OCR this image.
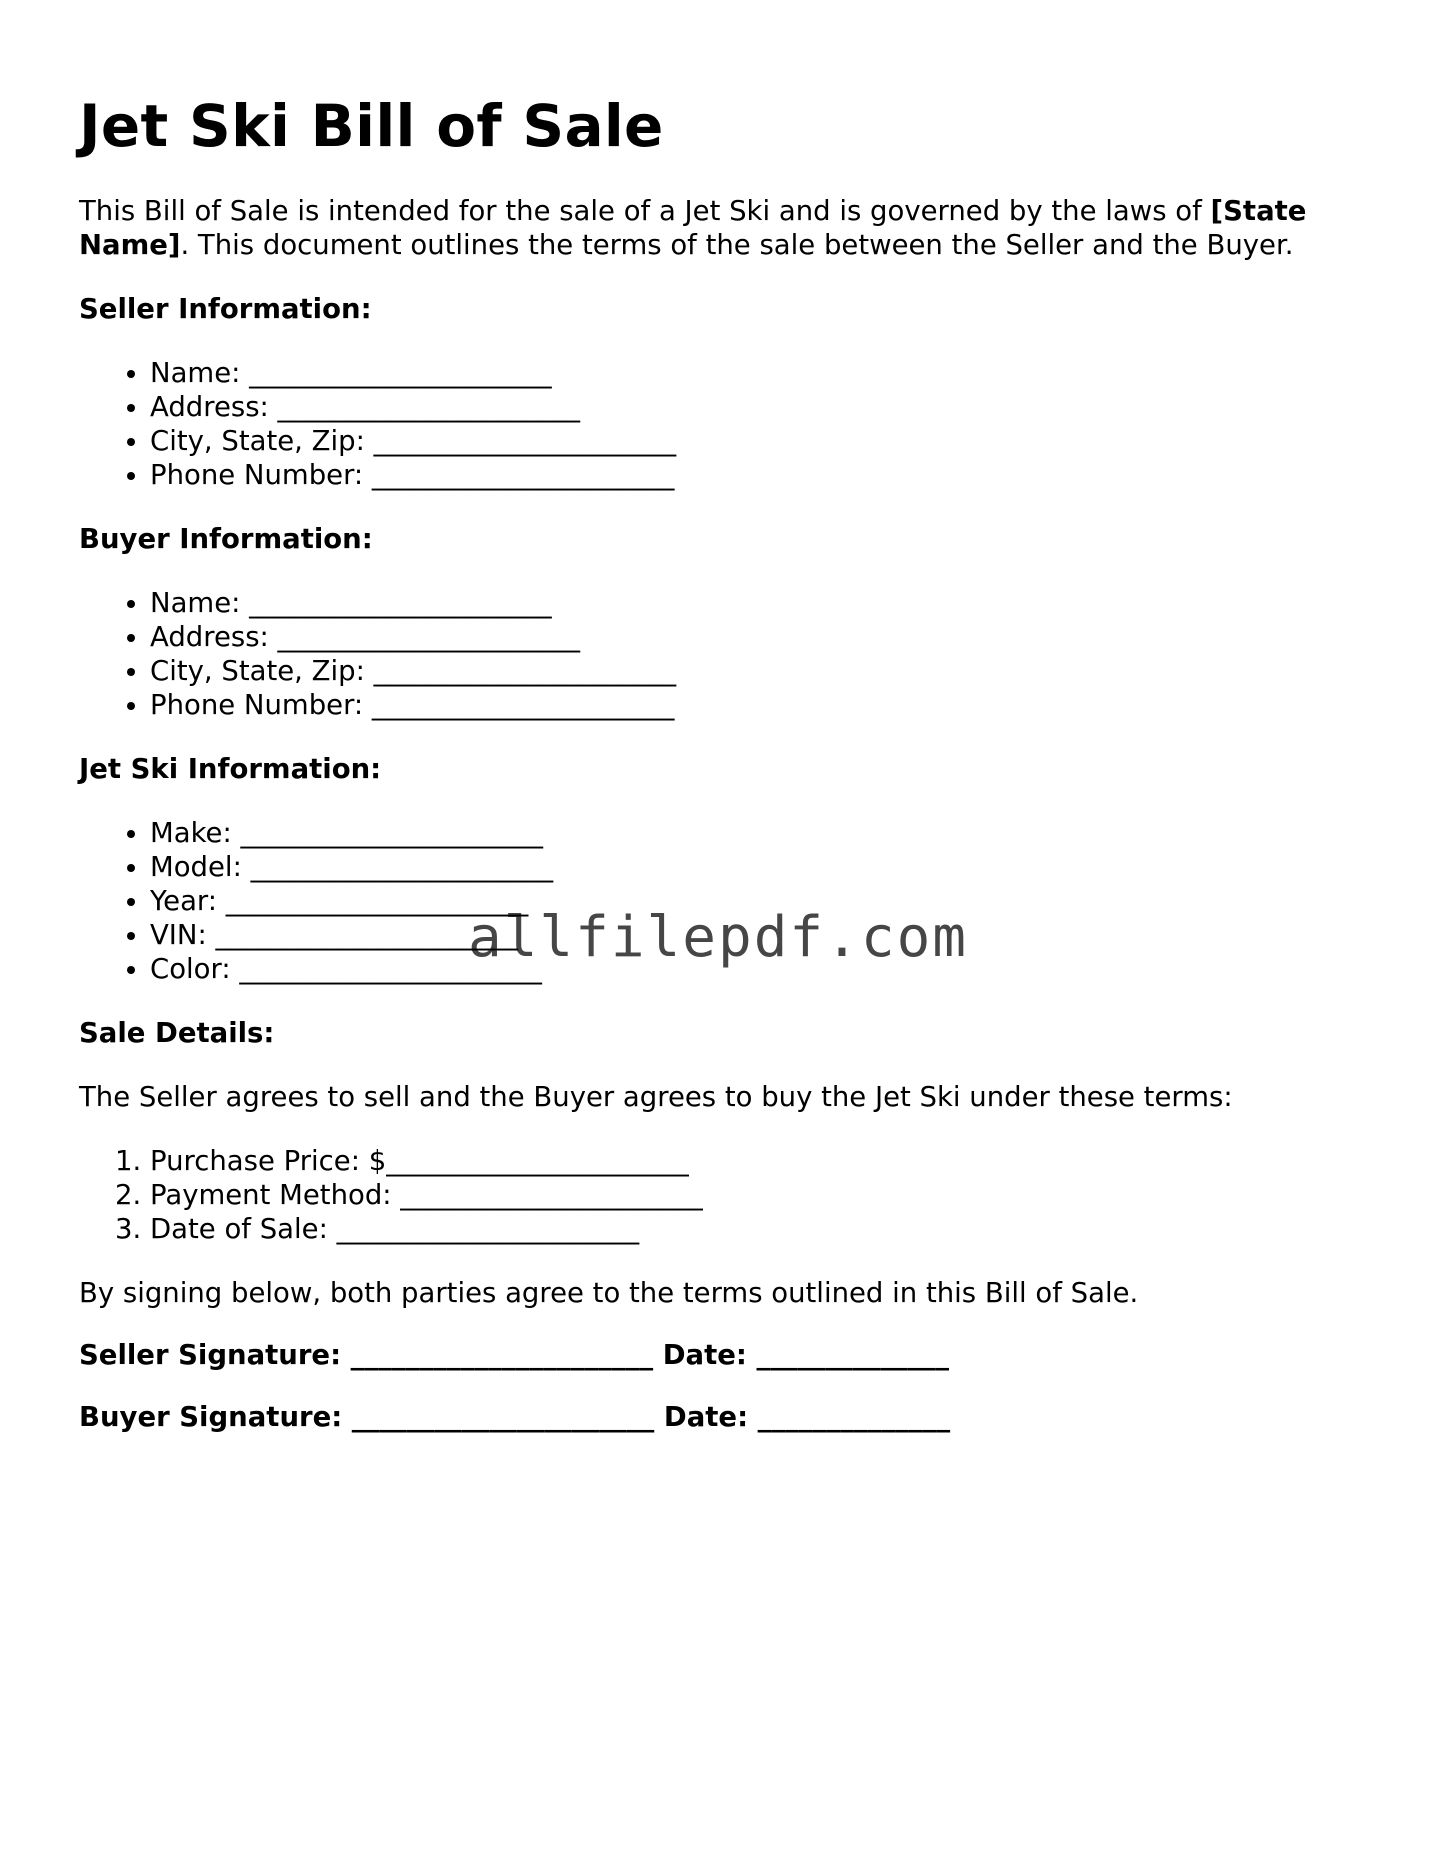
Jet Ski Bill of Sale

This Bill of Sale is intended for the sale of a Jet Ski and is governed by the laws of [State Name]. This document outlines the terms of the sale between the Seller and the Buyer.

Seller Information:
• Name: ______________________
• Address: ______________________
• City, State, Zip: ______________________
• Phone Number: ______________________
Buyer Information:
• Name: ______________________
• Address: ______________________
• City, State, Zip: ______________________
• Phone Number: ______________________
Jet Ski Information:
• Make: ______________________
• Model: ______________________
• Year: ______________________
• VIN: ______________________
• Color: ______________________
Sale Details:

The Seller agrees to sell and the Buyer agrees to buy the Jet Ski under these terms:

1. Purchase Price: $______________________
2. Payment Method: ______________________
3. Date of Sale: ______________________

By signing below, both parties agree to the terms outlined in this Bill of Sale.

Seller Signature: ______________________ Date: ______________

Buyer Signature: ______________________ Date: ______________

allfilepdf.com
